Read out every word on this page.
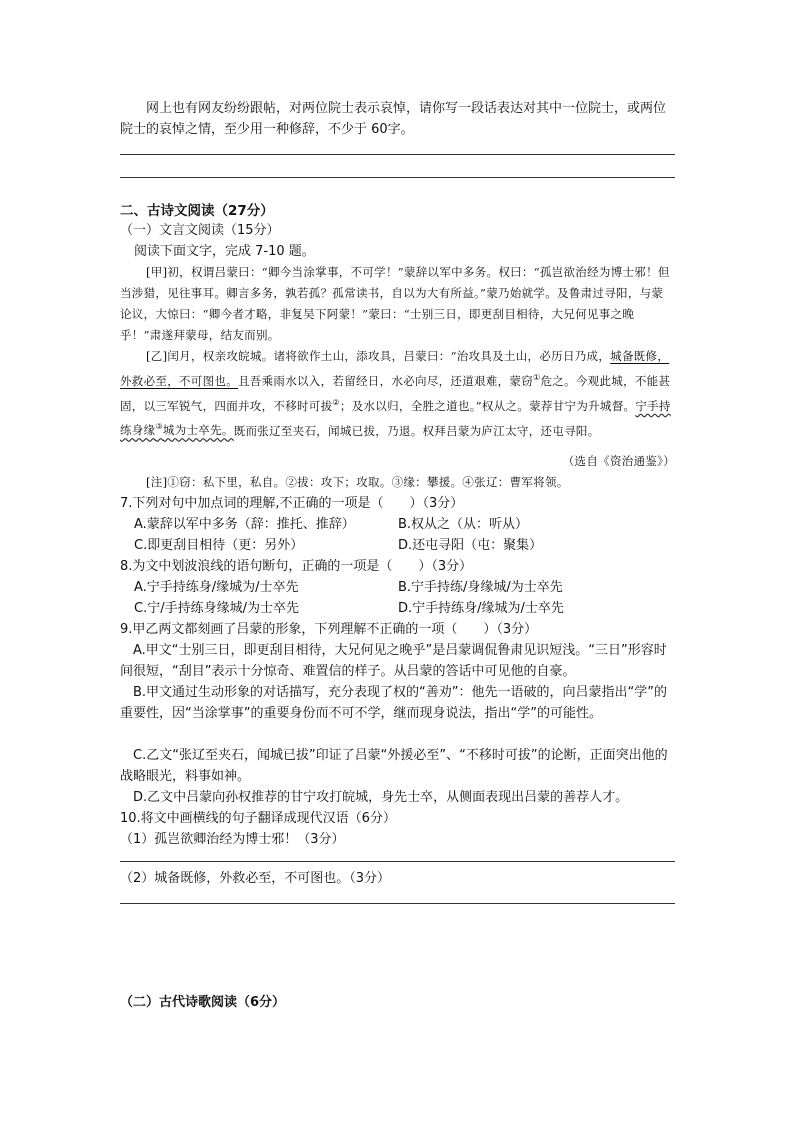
网上也有网友纷纷跟帖，对两位院士表示哀悼，请你写一段话表达对其中一位院士，或两位院士的哀悼之情，至少用一种修辞，不少于 60字。
二、古诗文阅读（27分）
（一）文言文阅读（15分）
阅读下面文字，完成 7-10 题。
[甲]初，权谓吕蒙曰：“卿今当涂掌事，不可学！”蒙辞以军中多务。权曰：“孤岂欲治经为博士邪！但当涉猎，见往事耳。卿言多务，孰若孤？孤常读书，自以为大有所益。”蒙乃始就学。及鲁肃过寻阳，与蒙论议，大惊曰：“卿今者才略，非复吴下阿蒙！”蒙曰：“士别三日，即更刮目相待，大兄何见事之晚乎！”肃遂拜蒙母，结友而别。
[乙]闰月，权亲攻皖城。诸将欲作土山，添攻具，吕蒙曰：“治攻具及土山，必历日乃成，城备既修，外救必至，不可图也。且吾乘雨水以入，若留经日，水必向尽，还道艰难，蒙窃①危之。今观此城，不能甚固，以三军锐气，四面并攻，不移时可拔②；及水以归，全胜之道也。”权从之。蒙荐甘宁为升城督。宁手持练身缘③城为士卒先。既而张辽至夹石，闻城已拔，乃退。权拜吕蒙为庐江太守，还屯寻阳。
（选自《资治通鉴》）
[注]①窃：私下里，私自。②拔：攻下；攻取。③缘：攀援。④张辽：曹军将领。
7.下列对句中加点词的理解,不正确的一项是（　　）（3分）
A.蒙辞以军中多务（辞：推托、推辞）	B.权从之（从：听从） C.即更刮目相待（更：另外）	D.还屯寻阳（屯：聚集）
8.为文中划波浪线的语句断句，正确的一项是（　　）（3分）
A.宁手持练身/缘城为/士卒先	B.宁手持练/身缘城/为士卒先 C.宁/手持练身缘城/为士卒先	D.宁手持练身/缘城为/士卒先
9.甲乙两文都刻画了吕蒙的形象，下列理解不正确的一项（　　）（3分）
A.甲文“士别三日，即更刮目相待，大兄何见之晚乎”是吕蒙调侃鲁肃见识短浅。“三日”形容时间很短，“刮目”表示十分惊奇、难置信的样子。从吕蒙的答话中可见他的自豪。
B.甲文通过生动形象的对话描写，充分表现了权的“善劝”：他先一语破的，向吕蒙指出“学”的重要性，因“当涂掌事”的重要身份而不可不学，继而现身说法，指出“学”的可能性。
C.乙文“张辽至夹石，闻城已拔”印证了吕蒙“外援必至”、“不移时可拔”的论断，正面突出他的战略眼光，料事如神。
D.乙文中吕蒙向孙权推荐的甘宁攻打皖城，身先士卒，从侧面表现出吕蒙的善荐人才。
10.将文中画横线的句子翻译成现代汉语（6分）
（1）孤岂欲卿治经为博士邪！（3分）
（2）城备既修，外救必至，不可图也。（3分）
（二）古代诗歌阅读（6分）
